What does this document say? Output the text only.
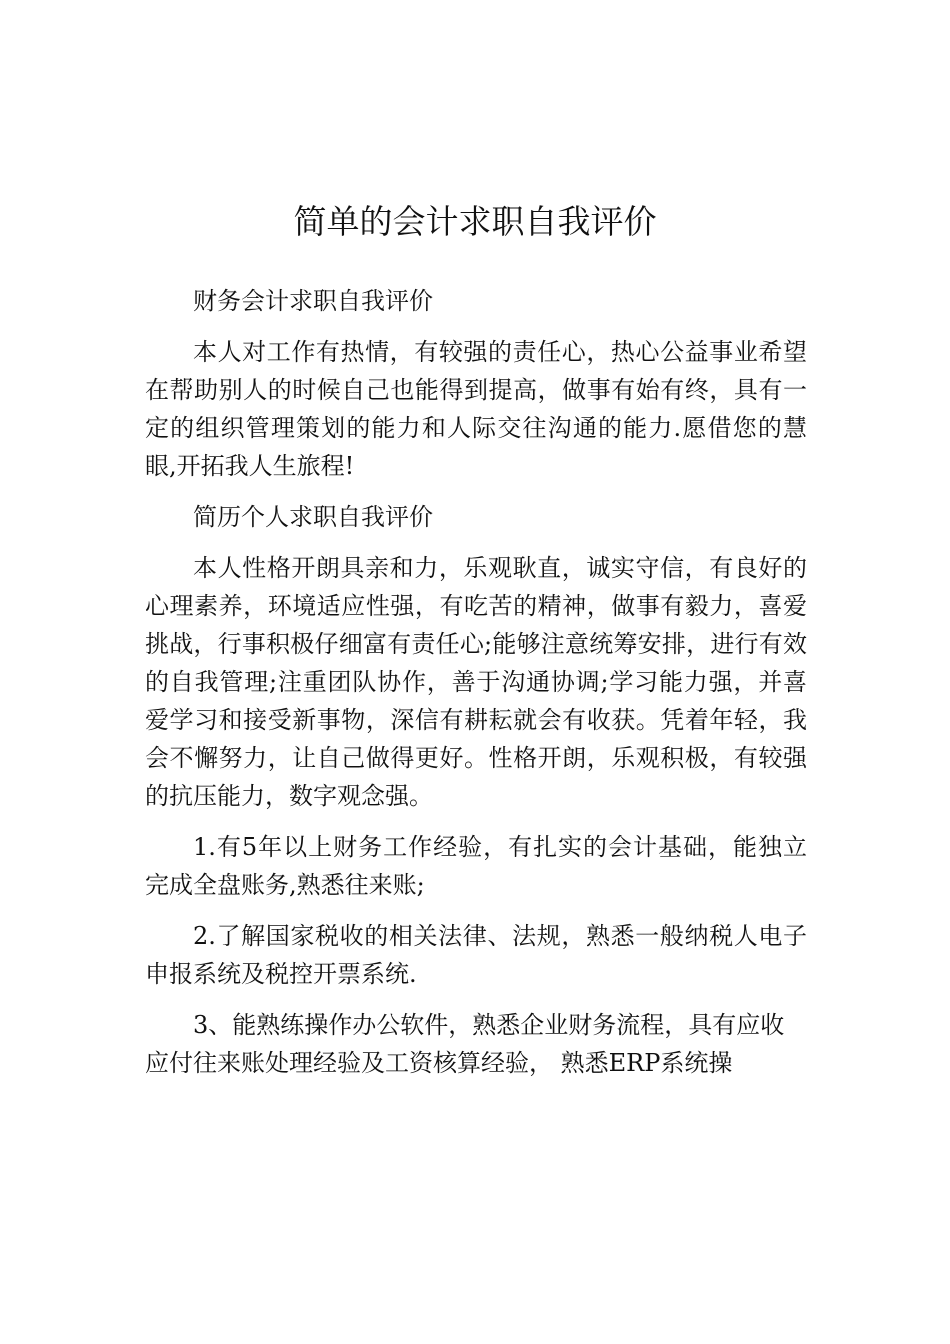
简单的会计求职自我评价

财务会计求职自我评价

本人对工作有热情，有较强的责任心，热心公益事业希望在帮助别人的时候自己也能得到提高，做事有始有终，具有一定的组织管理策划的能力和人际交往沟通的能力.愿借您的慧眼,开拓我人生旅程!

简历个人求职自我评价

本人性格开朗具亲和力，乐观耿直，诚实守信，有良好的心理素养，环境适应性强，有吃苦的精神，做事有毅力，喜爱挑战，行事积极仔细富有责任心;能够注意统筹安排，进行有效的自我管理;注重团队协作，善于沟通协调;学习能力强，并喜爱学习和接受新事物，深信有耕耘就会有收获。凭着年轻，我会不懈努力，让自己做得更好。性格开朗，乐观积极，有较强的抗压能力，数字观念强。

1.有5年以上财务工作经验，有扎实的会计基础，能独立完成全盘账务,熟悉往来账;

2.了解国家税收的相关法律、法规，熟悉一般纳税人电子申报系统及税控开票系统.

3、能熟练操作办公软件，熟悉企业财务流程，具有应收应付往来账处理经验及工资核算经验， 熟悉ERP系统操
